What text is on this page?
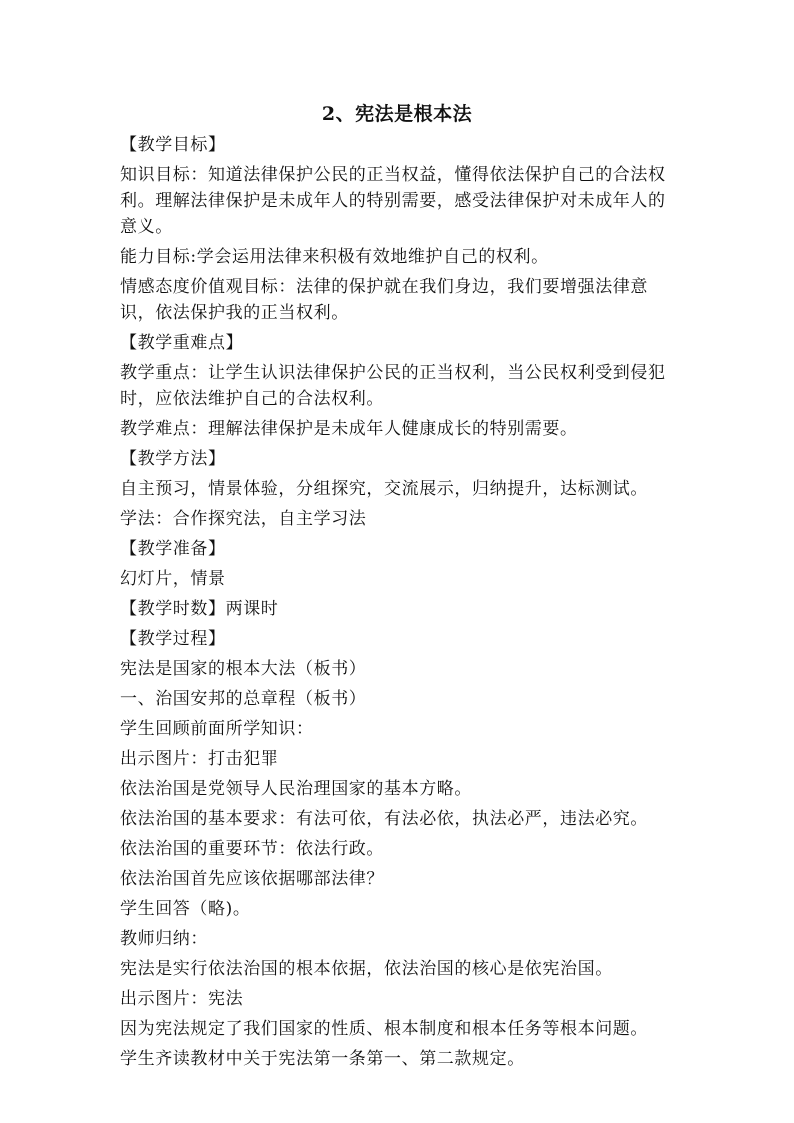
2、宪法是根本法

【教学目标】

知识目标：知道法律保护公民的正当权益，懂得依法保护自己的合法权利。理解法律保护是未成年人的特别需要，感受法律保护对未成年人的意义。

能力目标:学会运用法律来积极有效地维护自己的权利。

情感态度价值观目标：法律的保护就在我们身边，我们要增强法律意识，依法保护我的正当权利。

【教学重难点】

教学重点：让学生认识法律保护公民的正当权利，当公民权利受到侵犯时，应依法维护自己的合法权利。

教学难点：理解法律保护是未成年人健康成长的特别需要。

【教学方法】

自主预习，情景体验，分组探究，交流展示，归纳提升，达标测试。

学法：合作探究法，自主学习法

【教学准备】

幻灯片，情景

【教学时数】两课时

【教学过程】

宪法是国家的根本大法（板书）

一、治国安邦的总章程（板书）

学生回顾前面所学知识：

出示图片：打击犯罪

依法治国是党领导人民治理国家的基本方略。

依法治国的基本要求：有法可依，有法必依，执法必严，违法必究。

依法治国的重要环节：依法行政。

依法治国首先应该依据哪部法律？

学生回答（略)。

教师归纳：

宪法是实行依法治国的根本依据，依法治国的核心是依宪治国。

出示图片：宪法

因为宪法规定了我们国家的性质、根本制度和根本任务等根本问题。

学生齐读教材中关于宪法第一条第一、第二款规定。
